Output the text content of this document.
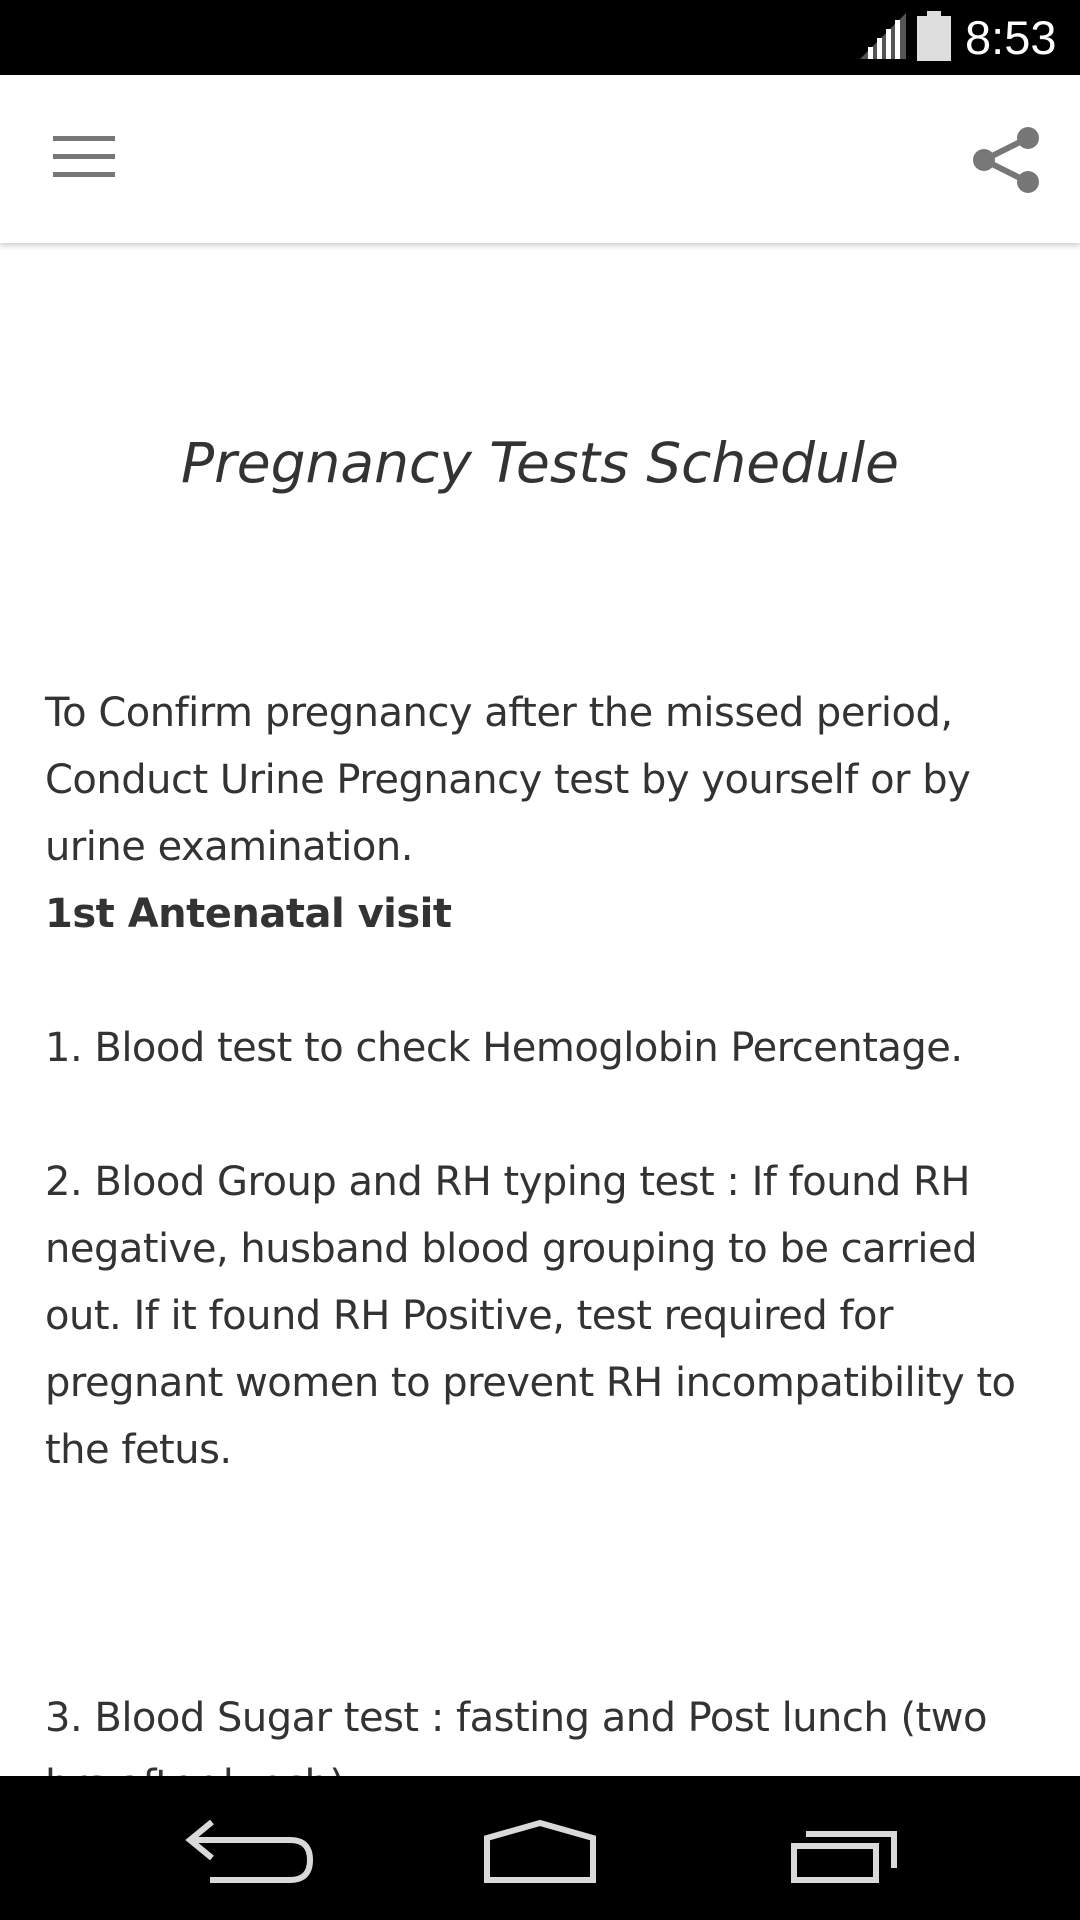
8:53
Pregnancy Tests Schedule

To Confirm pregnancy after the missed period, Conduct Urine Pregnancy test by yourself or by urine examination.

1st Antenatal visit

1. Blood test to check Hemoglobin Percentage.

2. Blood Group and RH typing test : If found RH negative, husband blood grouping to be carried out. If it found RH Positive, test required for pregnant women to prevent RH incompatibility to the fetus.

3. Blood Sugar test : fasting and Post lunch (two
